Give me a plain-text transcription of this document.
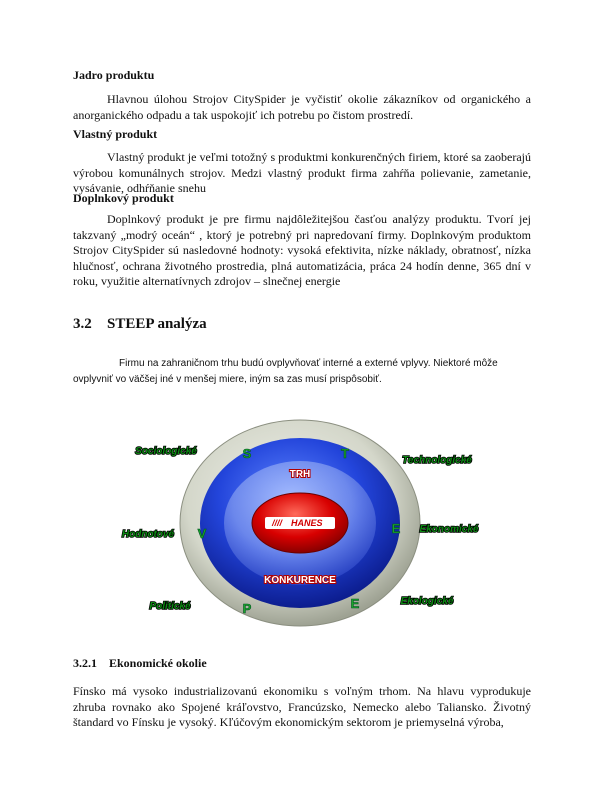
Jadro produktu

Hlavnou úlohou Strojov CitySpider je vyčistiť okolie zákazníkov od organického a anorganického odpadu a tak uspokojiť ich potrebu po čistom prostredí.

Vlastný produkt

Vlastný produkt je veľmi totožný s produktmi konkurenčných firiem, ktoré sa zaoberajú výrobou komunálnych strojov. Medzi vlastný produkt firma zahŕňa polievanie, zametanie, vysávanie, odhŕňanie snehu

Doplnkový produkt

Doplnkový produkt je pre firmu najdôležitejšou časťou analýzy produktu. Tvorí jej takzvaný „modrý oceán“ , ktorý je potrebný pri napredovaní firmy. Doplnkovým produktom Strojov CitySpider sú nasledovné hodnoty: vysoká efektivita, nízke náklady, obratnosť, nízka hlučnosť, ochrana životného prostredia, plná automatizácia, práca 24 hodín denne, 365 dní v roku, využitie alternatívnych zdrojov – slnečnej energie

3.2 STEEP analýza

Firmu na zahraničnom trhu budú ovplyvňovať interné a externé vplyvy. Niektoré môže ovplyvniť vo väčšej iné v menšej miere, iným sa zas musí prispôsobiť.

//// HANES
TRH
KONKURENCE
S	T
V	E
P	E
Sociologické
Technologické
Hodnotové	Ekonomické
Politické	Ekologické
3.2.1 Ekonomické okolie

Fínsko má vysoko industrializovanú ekonomiku s voľným trhom. Na hlavu vyprodukuje zhruba rovnako ako Spojené kráľovstvo, Francúzsko, Nemecko alebo Taliansko. Životný štandard vo Fínsku je vysoký. Kľúčovým ekonomickým sektorom je priemyselná výroba,
